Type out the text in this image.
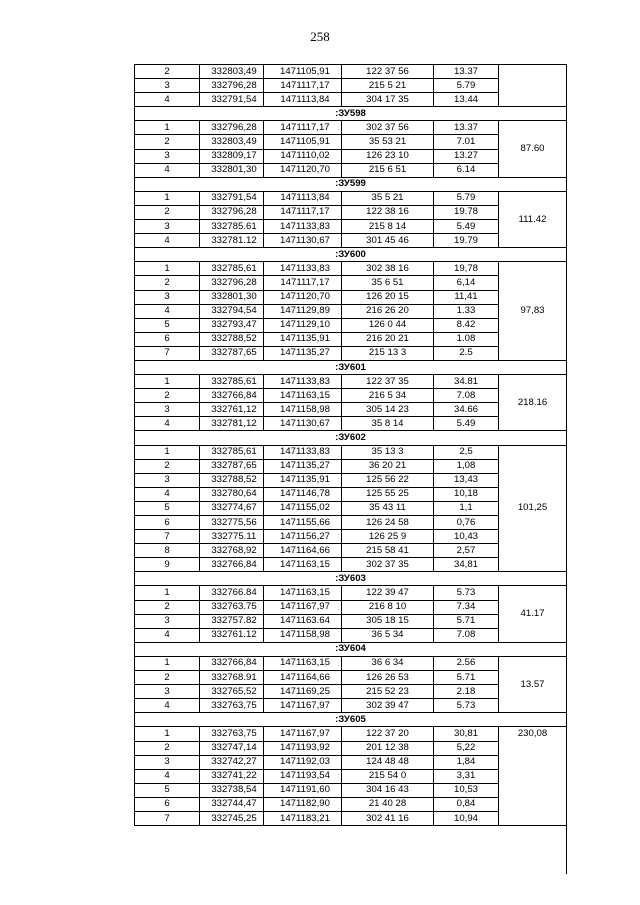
258
2	332803,49	1471105,91	122 37 56	13.37	
3	332796,28	1471117,17	215 5 21	5.79	
4	332791,54	1471113,84	304 17 35	13.44	
:ЗУ598					
1	332796,28	1471117,17	302 37 56	13.37	87.60
2	332803,49	1471105,91	35 53 21	7.01	
3	332809,17	1471110,02	126 23 10	13.27	
4	332801,30	1471120,70	215 6 51	6.14	
:ЗУ599					
1	332791,54	1471113,84	35 5 21	5.79	111.42
2	332796,28	1471117,17	122 38 16	19.78	
3	332785.61	1471133,83	215 8 14	5.49	
4	332781.12	1471130,67	301 45 46	19.79	
:ЗУ600					
1	332785,61	1471133,83	302 38 16	19,78	97,83
2	332796,28	1471117,17	35 6 51	6,14	
3	332801,30	1471120,70	126 20 15	11,41	
4	332794,54	1471129,89	216 26 20	1.33	
5	332793,47	1471129,10	126 0 44	8.42	
6	332788,52	1471135,91	216 20 21	1.08	
7	332787,65	1471135,27	215 13 3	2.5	
:ЗУ601					
1	332785,61	1471133,83	122 37 35	34.81	218.16
2	332766,84	1471163,15	216 5 34	7.08	
3	332761,12	1471158,98	305 14 23	34.66	
4	332781,12	1471130,67	35 8 14	5.49	
:ЗУ602					
1	332785,61	1471133,83	35 13 3	2,5	101,25
2	332787,65	1471135,27	36 20 21	1,08	
3	332788,52	1471135,91	125 56 22	13,43	
4	332780,64	1471146,78	125 55 25	10,18	
5	332774,67	1471155,02	35 43 11	1,1	
6	332775,56	1471155,66	126 24 58	0,76	
7	332775.11	1471156,27	126 25 9	10,43	
8	332768,92	1471164,66	215 58 41	2,57	
9	332766,84	1471163,15	302 37 35	34,81	
:ЗУ603					
1	332766.84	1471163,15	122 39 47	5.73	41.17
2	332763.75	1471167,97	216 8 10	7.34	
3	332757.82	1471163.64	305 18 15	5.71	
4	332761.12	1471158,98	36 5 34	7.08	
:ЗУ604					
1	332766,84	1471163,15	36 6 34	2.56	13.57
2	332768.91	1471164,66	126 26 53	5.71	
3	332765,52	1471169,25	215 52 23	2.18	
4	332763,75	1471167,97	302 39 47	5.73	
:ЗУ605					
1	332763,75	1471167,97	122 37 20	30,81	230,08
2	332747,14	1471193,92	201 12 38	5,22	
3	332742,27	1471192,03	124 48 48	1,84	
4	332741,22	1471193,54	215 54 0	3,31	
5	332738,54	1471191,60	304 16 43	10,53	
6	332744,47	1471182,90	21 40 28	0,84	
7	332745,25	1471183,21	302 41 16	10,94	
